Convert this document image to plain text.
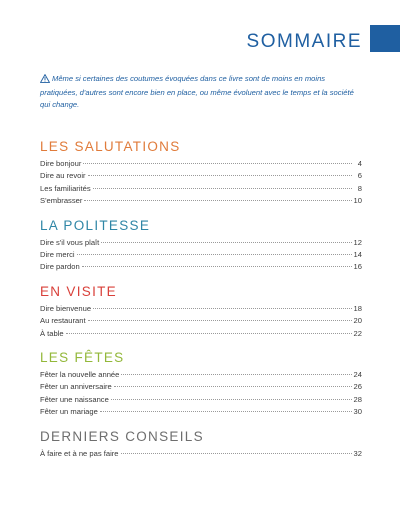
SOMMAIRE
Même si certaines des coutumes évoquées dans ce livre sont de moins en moins pratiquées, d'autres sont encore bien en place, ou même évoluent avec le temps et la société qui change.
LES SALUTATIONS
Dire bonjour	4
Dire au revoir	6
Les familiarités	8
S'embrasser	10
LA POLITESSE
Dire s'il vous plaît	12
Dire merci	14
Dire pardon	16
EN VISITE
Dire bienvenue	18
Au restaurant	20
À table	22
LES FÊTES
Fêter la nouvelle année	24
Fêter un anniversaire	26
Fêter une naissance	28
Fêter un mariage	30
DERNIERS CONSEILS
À faire et à ne pas faire	32
